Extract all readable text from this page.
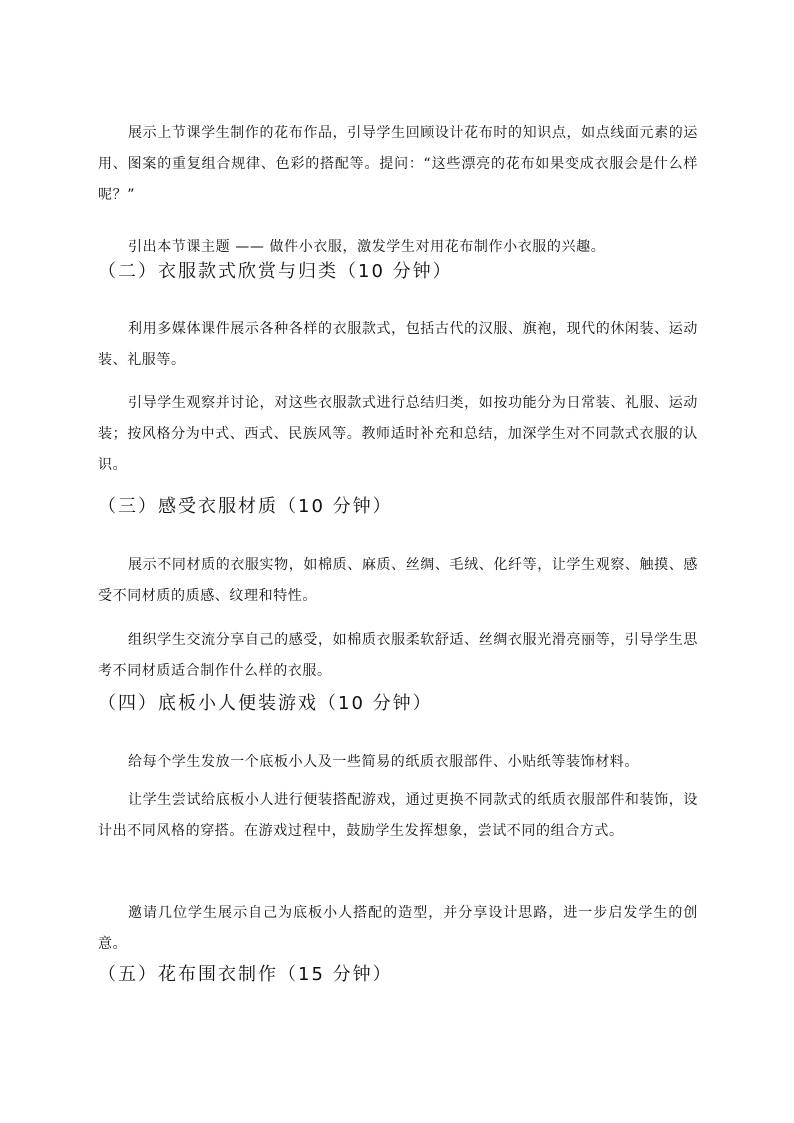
展示上节课学生制作的花布作品，引导学生回顾设计花布时的知识点，如点线面元素的运用、图案的重复组合规律、色彩的搭配等。提问：“这些漂亮的花布如果变成衣服会是什么样呢？”

引出本节课主题 —— 做件小衣服，激发学生对用花布制作小衣服的兴趣。

（二）衣服款式欣赏与归类（10 分钟）

利用多媒体课件展示各种各样的衣服款式，包括古代的汉服、旗袍，现代的休闲装、运动装、礼服等。

引导学生观察并讨论，对这些衣服款式进行总结归类，如按功能分为日常装、礼服、运动装；按风格分为中式、西式、民族风等。教师适时补充和总结，加深学生对不同款式衣服的认识。

（三）感受衣服材质（10 分钟）

展示不同材质的衣服实物，如棉质、麻质、丝绸、毛绒、化纤等，让学生观察、触摸、感受不同材质的质感、纹理和特性。

组织学生交流分享自己的感受，如棉质衣服柔软舒适、丝绸衣服光滑亮丽等，引导学生思考不同材质适合制作什么样的衣服。

（四）底板小人便装游戏（10 分钟）

给每个学生发放一个底板小人及一些简易的纸质衣服部件、小贴纸等装饰材料。

让学生尝试给底板小人进行便装搭配游戏，通过更换不同款式的纸质衣服部件和装饰，设计出不同风格的穿搭。在游戏过程中，鼓励学生发挥想象，尝试不同的组合方式。

邀请几位学生展示自己为底板小人搭配的造型，并分享设计思路，进一步启发学生的创意。

（五）花布围衣制作（15 分钟）
